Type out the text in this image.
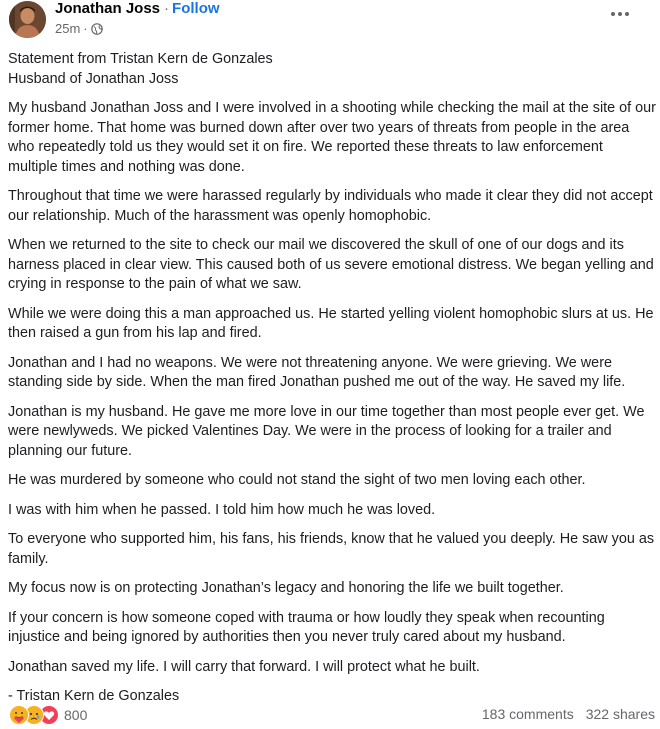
Jonathan Joss · Follow
25m ·

Statement from Tristan Kern de Gonzales
Husband of Jonathan Joss

My husband Jonathan Joss and I were involved in a shooting while checking the mail at the site of our former home. That home was burned down after over two years of threats from people in the area who repeatedly told us they would set it on fire. We reported these threats to law enforcement multiple times and nothing was done.

Throughout that time we were harassed regularly by individuals who made it clear they did not accept our relationship. Much of the harassment was openly homophobic.

When we returned to the site to check our mail we discovered the skull of one of our dogs and its harness placed in clear view. This caused both of us severe emotional distress. We began yelling and crying in response to the pain of what we saw.

While we were doing this a man approached us. He started yelling violent homophobic slurs at us. He then raised a gun from his lap and fired.

Jonathan and I had no weapons. We were not threatening anyone. We were grieving. We were standing side by side. When the man fired Jonathan pushed me out of the way. He saved my life.

Jonathan is my husband. He gave me more love in our time together than most people ever get. We were newlyweds. We picked Valentines Day. We were in the process of looking for a trailer and planning our future.

He was murdered by someone who could not stand the sight of two men loving each other.

I was with him when he passed. I told him how much he was loved.

To everyone who supported him, his fans, his friends, know that he valued you deeply. He saw you as family.

My focus now is on protecting Jonathan’s legacy and honoring the life we built together.

If your concern is how someone coped with trauma or how loudly they speak when recounting injustice and being ignored by authorities then you never truly cared about my husband.

Jonathan saved my life. I will carry that forward. I will protect what he built.

- Tristan Kern de Gonzales

800	183 comments 322 shares
